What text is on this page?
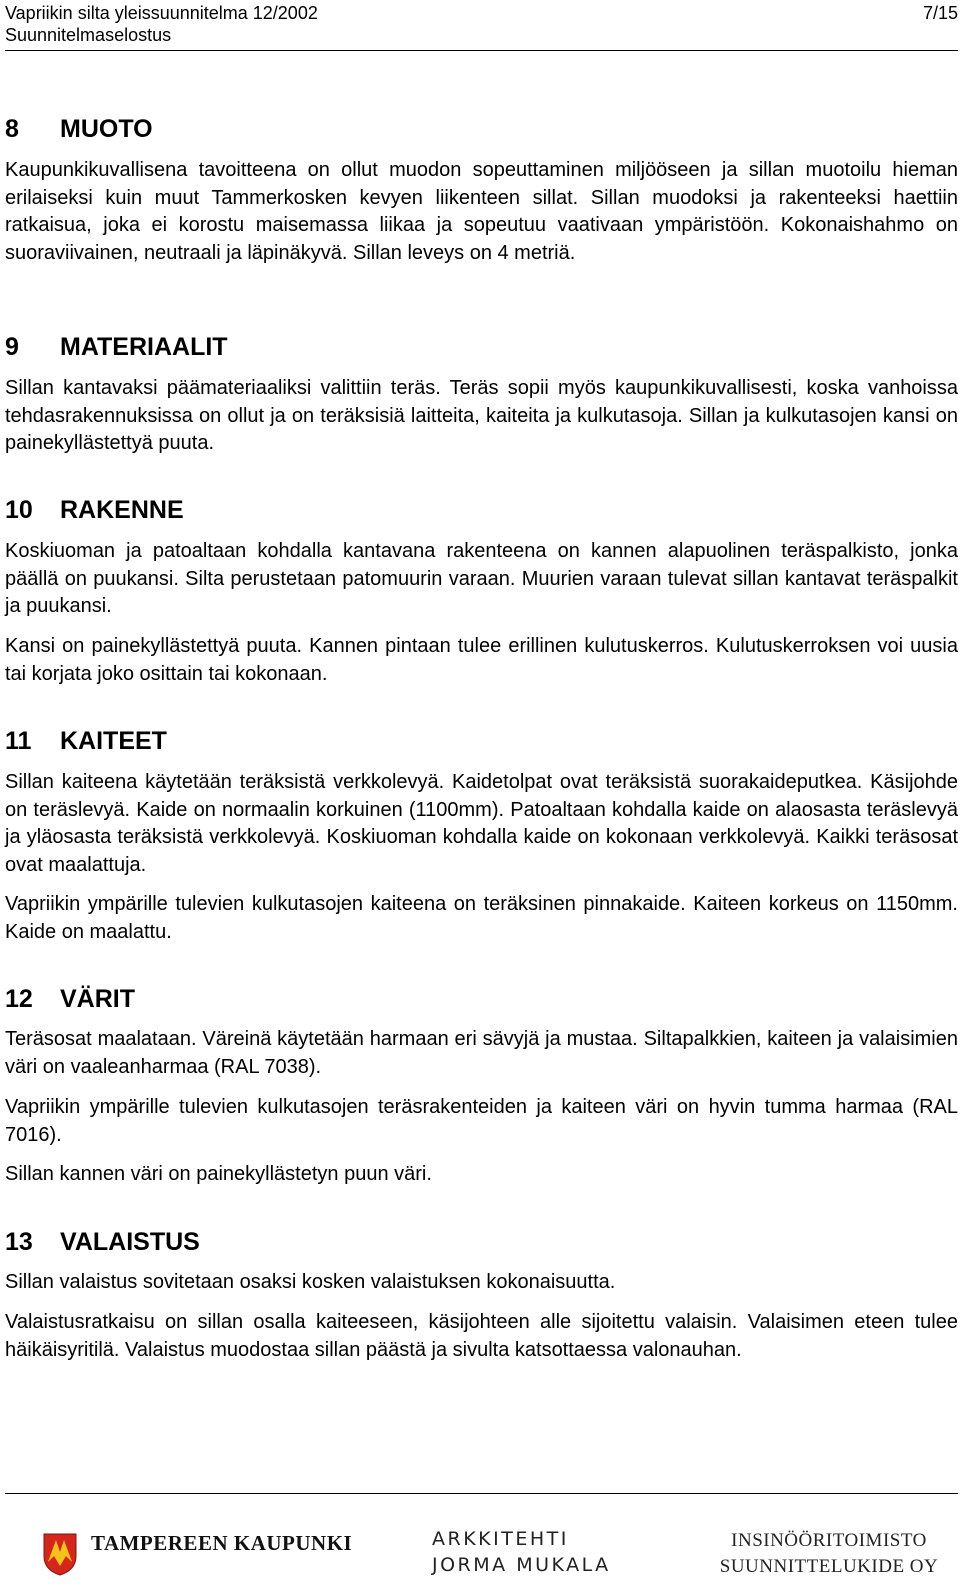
Vapriikin silta yleissuunnitelma 12/2002
Suunnitelmaselostus
7/15
8 MUOTO
Kaupunkikuvallisena tavoitteena on ollut muodon sopeuttaminen miljööseen ja sillan muotoilu hieman erilaiseksi kuin muut Tammerkosken kevyen liikenteen sillat. Sillan muodoksi ja rakenteeksi haettiin ratkaisua, joka ei korostu maisemassa liikaa ja sopeutuu vaativaan ympäristöön. Kokonaishahmo on suoraviivainen, neutraali ja läpinäkyvä. Sillan leveys on 4 metriä.
9 MATERIAALIT
Sillan kantavaksi päämateriaaliksi valittiin teräs. Teräs sopii myös kaupunkikuvallisesti, koska vanhoissa tehdasrakennuksissa on ollut ja on teräksisiä laitteita, kaiteita ja kulkutasoja. Sillan ja kulkutasojen kansi on painekyllästettyä puuta.
10 RAKENNE
Koskiuoman ja patoaltaan kohdalla kantavana rakenteena on kannen alapuolinen teräspalkisto, jonka päällä on puukansi. Silta perustetaan patomuurin varaan. Muurien varaan tulevat sillan kantavat teräspalkit ja puukansi.
Kansi on painekyllästettyä puuta. Kannen pintaan tulee erillinen kulutuskerros. Kulutuskerroksen voi uusia tai korjata joko osittain tai kokonaan.
11 KAITEET
Sillan kaiteena käytetään teräksistä verkkolevyä. Kaidetolpat ovat teräksistä suorakaideputkea. Käsijohde on teräslevyä. Kaide on normaalin korkuinen (1100mm). Patoaltaan kohdalla kaide on alaosasta teräslevyä ja yläosasta teräksistä verkkolevyä. Koskiuoman kohdalla kaide on kokonaan verkkolevyä. Kaikki teräsosat ovat maalattuja.
Vapriikin ympärille tulevien kulkutasojen kaiteena on teräksinen pinnakaide. Kaiteen korkeus on 1150mm. Kaide on maalattu.
12 VÄRIT
Teräsosat maalataan. Väreinä käytetään harmaan eri sävyjä ja mustaa. Siltapalkkien, kaiteen ja valaisimien väri on vaaleanharmaa (RAL 7038).
Vapriikin ympärille tulevien kulkutasojen teräsrakenteiden ja kaiteen väri on hyvin tumma harmaa (RAL 7016).
Sillan kannen väri on painekyllästetyn puun väri.
13 VALAISTUS
Sillan valaistus sovitetaan osaksi kosken valaistuksen kokonaisuutta.
Valaistusratkaisu on sillan osalla kaiteeseen, käsijohteen alle sijoitettu valaisin. Valaisimen eteen tulee häikäisyritilä. Valaistus muodostaa sillan päästä ja sivulta katsottaessa valonauhan.
TAMPEREEN KAUPUNKI	ARKKITEHTI
JORMA MUKALA
INSINÖÖRITOIMISTO
SUUNNITTELUKIDE OY
